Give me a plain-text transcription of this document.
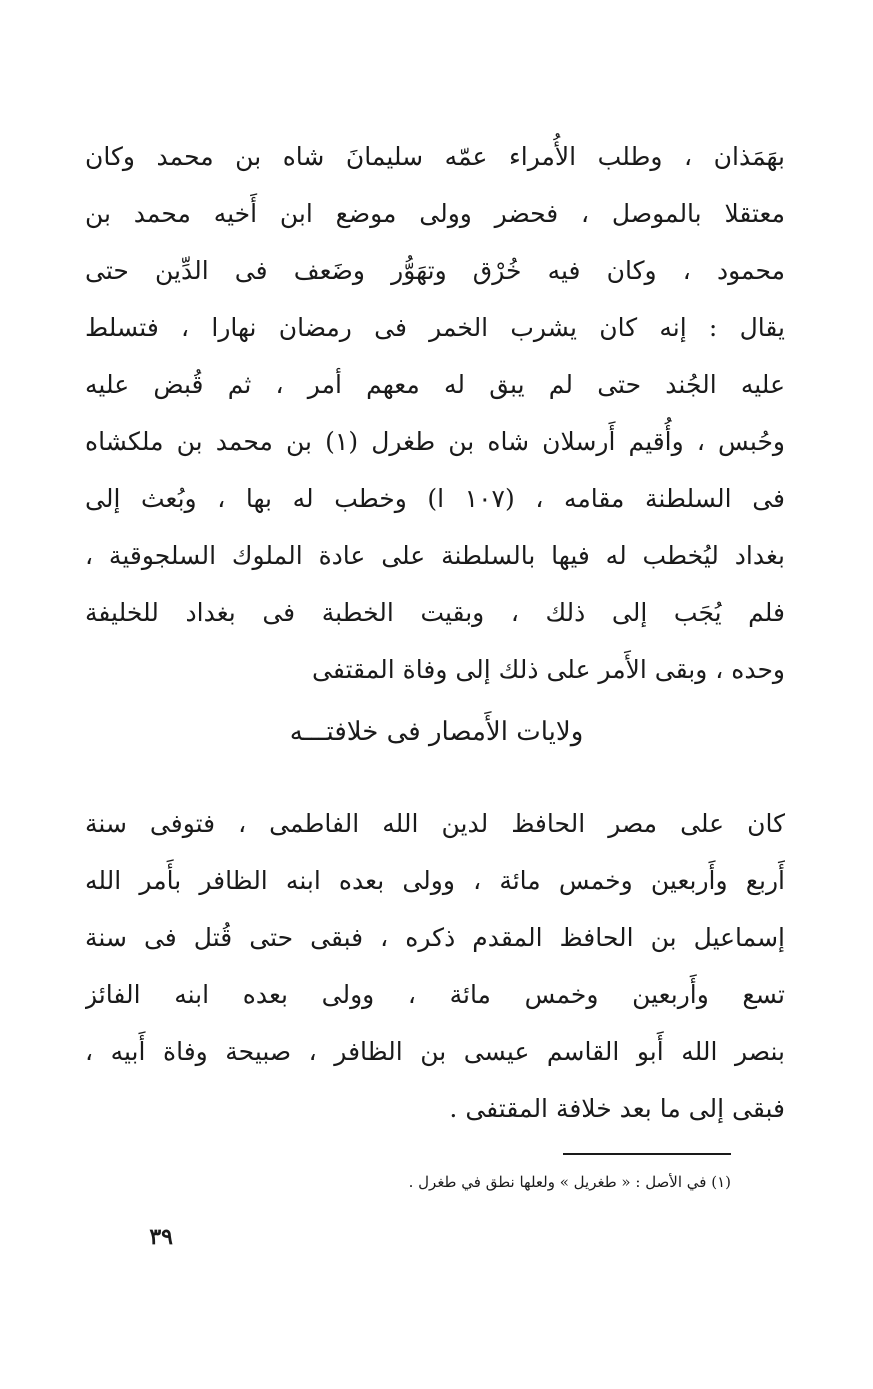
بهَمَذان ، وطلب الأُمراء عمّه سليمانَ شاه بن محمد وكان
معتقلا بالموصل ، فحضر وولى موضع ابن أَخيه محمد بن
محمود ، وكان فيه خُرْق وتهَوُّر وضَعف فى الدِّين حتى
يقال : إنه كان يشرب الخمر فى رمضان نهارا ، فتسلط
عليه الجُند حتى لم يبق له معهم أمر ، ثم قُبض عليه
وحُبس ، وأُقيم أَرسلان شاه بن طغرل (١) بن محمد بن ملكشاه
فى السلطنة مقامه ، (١٠٧ ا) وخطب له بها ، وبُعث إلى
بغداد ليُخطب له فيها بالسلطنة على عادة الملوك السلجوقية ،
فلم يُجَب إلى ذلك ، وبقيت الخطبة فى بغداد للخليفة
وحده ، وبقى الأَمر على ذلك إلى وفاة المقتفى
ولايات الأَمصار فى خلافتـــه
كان على مصر الحافظ لدين الله الفاطمى ، فتوفى سنة
أَربع وأَربعين وخمس مائة ، وولى بعده ابنه الظافر بأَمر الله
إسماعيل بن الحافظ المقدم ذكره ، فبقى حتى قُتل فى سنة
تسع وأَربعين وخمس مائة ، وولى بعده ابنه الفائز
بنصر الله أَبو القاسم عيسى بن الظافر ، صبيحة وفاة أَبيه ،
فبقى إلى ما بعد خلافة المقتفى .
(١) في الأصل : « طغريل » ولعلها نطق في طغرل .
٣٩
